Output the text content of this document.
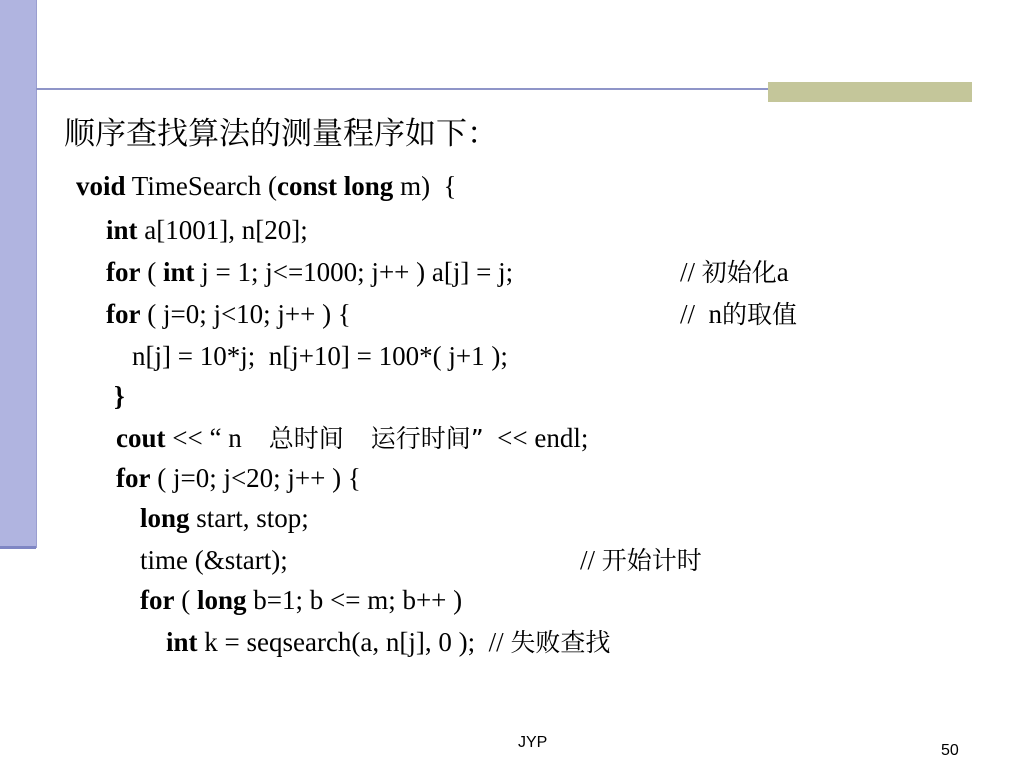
顺序查找算法的测量程序如下：
void TimeSearch (const long m)  {
int a[1001], n[20];
for ( int j = 1; j<=1000; j++ ) a[j] = j;	// 初始化a
for ( j=0; j<10; j++ ) {	//  n的取值
n[j] = 10*j;  n[j+10] = 100*( j+1 );
}
cout << “ n    总时间 运行时间”  << endl;
for ( j=0; j<20; j++ ) {
long start, stop;
time (&start);	// 开始计时
for ( long b=1; b <= m; b++ )
int k = seqsearch(a, n[j], 0 );  // 失败查找
JYP	50
